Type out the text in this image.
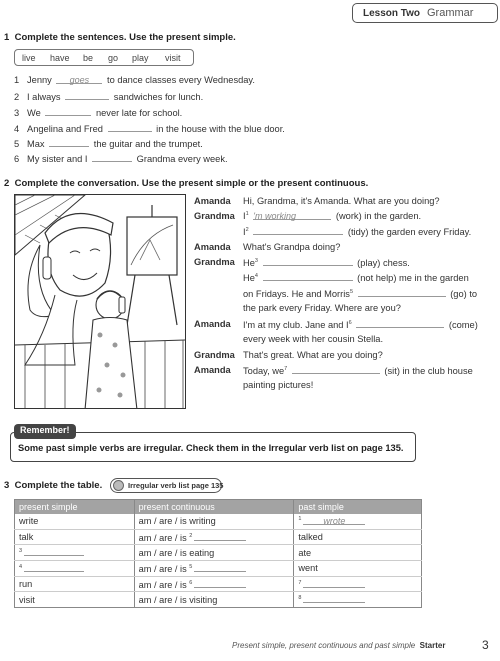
Lesson Two Grammar
1 Complete the sentences. Use the present simple.
live have be go play visit
1 Jenny goes to dance classes every Wednesday.
2 I always	sandwiches for lunch.
3 We	never late for school.
4 Angelina and Fred	in the house with the blue door.
5 Max	the guitar and the trumpet.
6 My sister and I	Grandma every week.
2 Complete the conversation. Use the present simple or the present continuous.
Amanda Hi, Grandma, it's Amanda. What are you doing?
Grandma $I^1$ 'm working	(work) in the garden.
$I^2$	(tidy) the garden every Friday.
Amanda What's Grandpa doing?
Grandma He$^3$	(play) chess.
He$^4$	(not help) me in the garden
on Fridays. He and Morris$^5$	(go) to
the park every Friday. Where are you?
Amanda I'm at my club. Jane and $I^6$	(come)
every week with her cousin Stella.
Grandma That's great. What are you doing?
Amanda Today, $we^7$	(sit) in the club house
painting pictures!
Remember!
Some past simple verbs are irregular. Check them in the Irregular verb list on page 135.
3 Complete the table.	Irregular verb list page 135
present simple	present continuous	past simple
write	am / are / is writing	$^1$ wrote
talk	am / are / is $^2$	talked
$^3$	am / are / is eating	ate
$^4$	am / are / is $^5$	went
run	am / are / is $^6$	$^7$
visit	am / are / is visiting	$^8$
Present simple, present continuous and past simple Starter	3
